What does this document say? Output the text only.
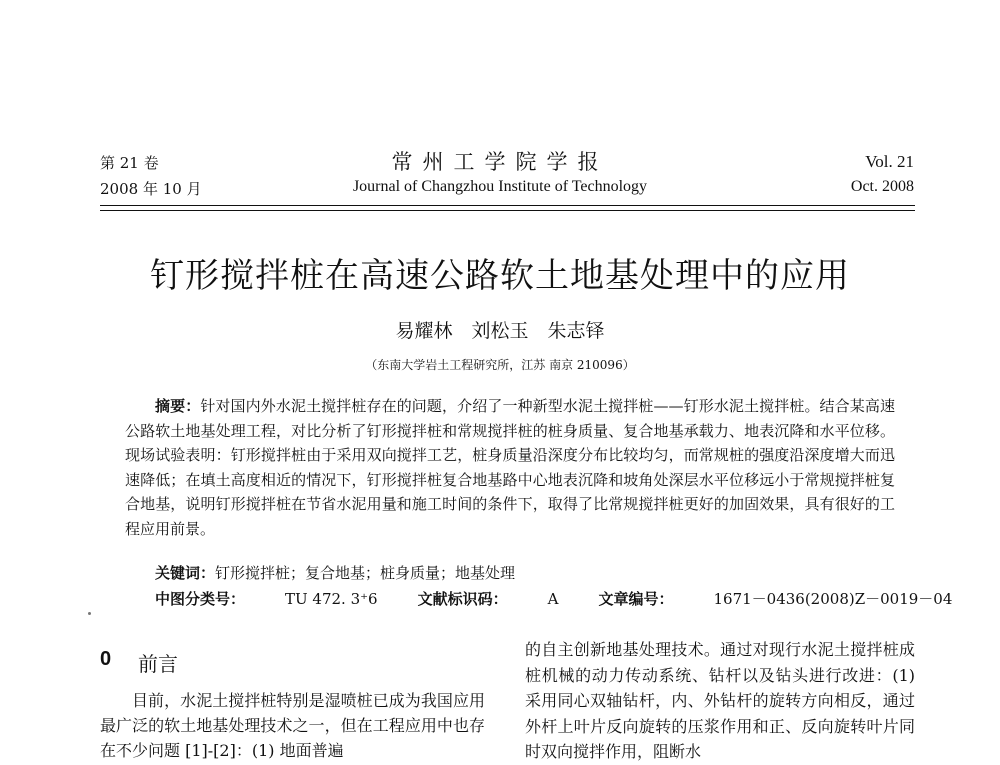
第 21 卷
2008 年 10 月
常州工学院学报
Journal of Changzhou Institute of Technology
Vol. 21
Oct. 2008
钉形搅拌桩在高速公路软土地基处理中的应用
易耀林　刘松玉　朱志铎
（东南大学岩土工程研究所，江苏 南京 210096）
摘要：针对国内外水泥土搅拌桩存在的问题，介绍了一种新型水泥土搅拌桩——钉形水泥土搅拌桩。结合某高速公路软土地基处理工程，对比分析了钉形搅拌桩和常规搅拌桩的桩身质量、复合地基承载力、地表沉降和水平位移。现场试验表明：钉形搅拌桩由于采用双向搅拌工艺，桩身质量沿深度分布比较均匀，而常规桩的强度沿深度增大而迅速降低；在填土高度相近的情况下，钉形搅拌桩复合地基路中心地表沉降和坡角处深层水平位移远小于常规搅拌桩复合地基，说明钉形搅拌桩在节省水泥用量和施工时间的条件下，取得了比常规搅拌桩更好的加固效果，具有很好的工程应用前景。
关键词：钉形搅拌桩；复合地基；桩身质量；地基处理
中图分类号：	TU 472. 3⁺6	文献标识码：	A	文章编号：	1671－0436(2008)Z－0019－04
0 前言
目前，水泥土搅拌桩特别是湿喷桩已成为我国应用最广泛的软土地基处理技术之一，但在工程应用中也存在不少问题 [1]-[2]：(1) 地面普遍
的自主创新地基处理技术。通过对现行水泥土搅拌桩成桩机械的动力传动系统、钻杆以及钻头进行改进：(1) 采用同心双轴钻杆，内、外钻杆的旋转方向相反，通过外杆上叶片反向旋转的压浆作用和正、反向旋转叶片同时双向搅拌作用，阻断水
